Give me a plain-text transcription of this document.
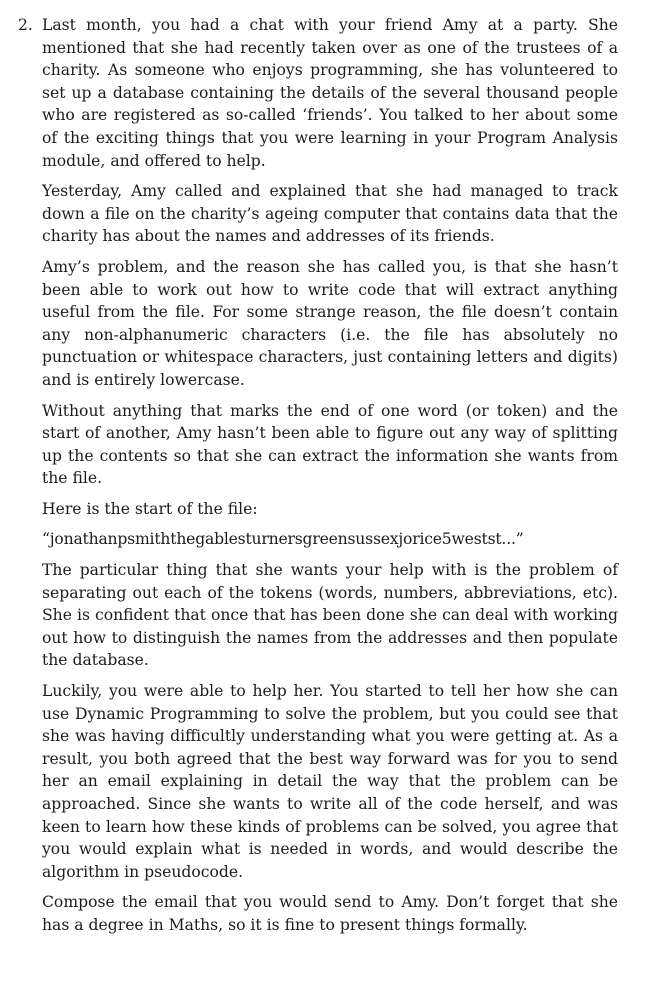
2. Last month, you had a chat with your friend Amy at a party. She mentioned that she had recently taken over as one of the trustees of a charity. As someone who enjoys programming, she has volunteered to set up a database containing the details of the several thousand people who are registered as so-called ‘friends’. You talked to her about some of the exciting things that you were learning in your Program Analysis module, and offered to help.

Yesterday, Amy called and explained that she had managed to track down a file on the charity’s ageing computer that contains data that the charity has about the names and addresses of its friends.

Amy’s problem, and the reason she has called you, is that she hasn’t been able to work out how to write code that will extract anything useful from the file. For some strange reason, the file doesn’t contain any non-alphanumeric characters (i.e. the file has absolutely no punctuation or whitespace characters, just containing letters and digits) and is entirely lowercase.

Without anything that marks the end of one word (or token) and the start of another, Amy hasn’t been able to figure out any way of splitting up the contents so that she can extract the information she wants from the file.

Here is the start of the file:

“jonathanpsmiththegablesturnersgreensussexjorice5westst...”

The particular thing that she wants your help with is the problem of separating out each of the tokens (words, numbers, abbreviations, etc). She is confident that once that has been done she can deal with working out how to distinguish the names from the addresses and then populate the database.

Luckily, you were able to help her. You started to tell her how she can use Dynamic Programming to solve the problem, but you could see that she was having difficultly understanding what you were getting at. As a result, you both agreed that the best way forward was for you to send her an email explaining in detail the way that the problem can be approached. Since she wants to write all of the code herself, and was keen to learn how these kinds of problems can be solved, you agree that you would explain what is needed in words, and would describe the algorithm in pseudocode.

Compose the email that you would send to Amy. Don’t forget that she has a degree in Maths, so it is fine to present things formally.
